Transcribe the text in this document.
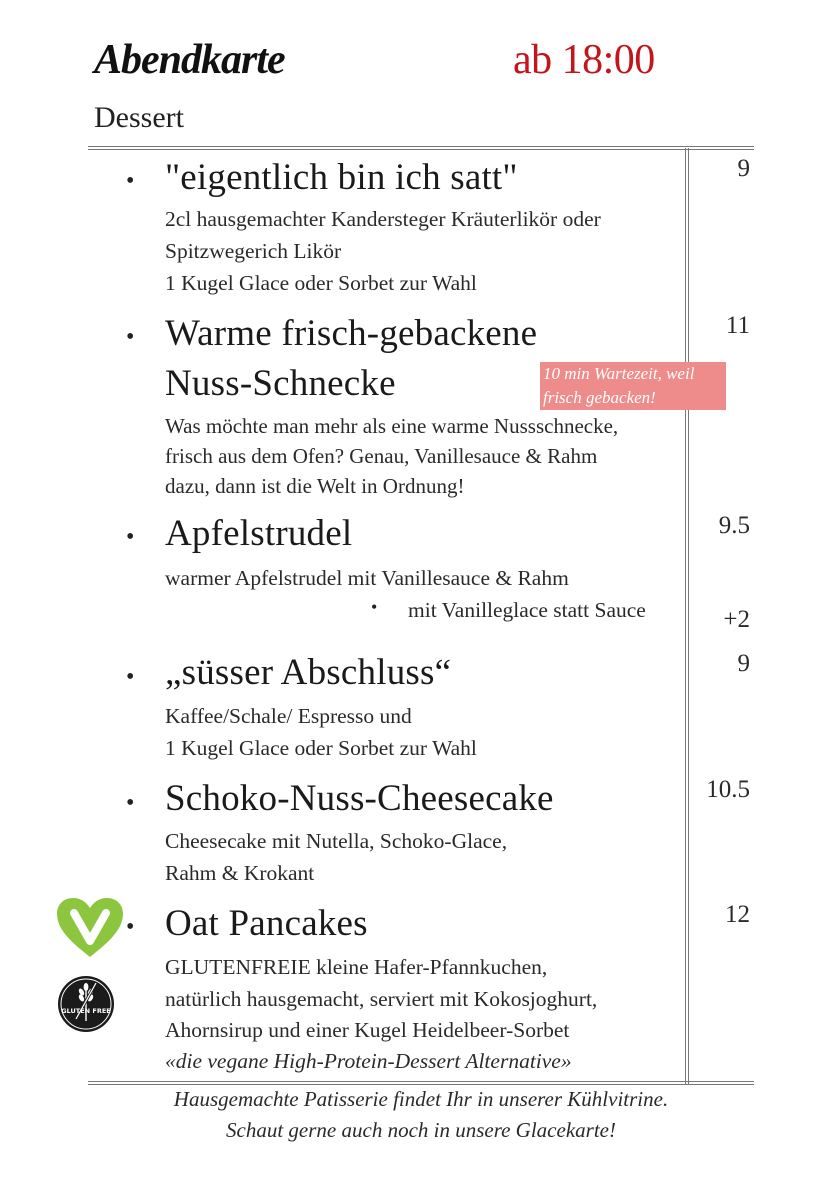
Abendkarte	ab 18:00
Dessert
• "eigentlich bin ich satt"
2cl hausgemachter Kandersteger Kräuterlikör oder
Spitzwegerich Likör
1 Kugel Glace oder Sorbet zur Wahl
9
• Warme frisch-gebackene
Nuss-Schnecke	10 min Wartezeit, weil
frisch gebacken!
Was möchte man mehr als eine warme Nussschnecke,
frisch aus dem Ofen? Genau, Vanillesauce & Rahm
dazu, dann ist die Welt in Ordnung!
11
• Apfelstrudel
warmer Apfelstrudel mit Vanillesauce & Rahm
• mit Vanilleglace statt Sauce
9.5
+2
• „süsser Abschluss“
Kaffee/Schale/ Espresso und
1 Kugel Glace oder Sorbet zur Wahl
9
• Schoko-Nuss-Cheesecake
Cheesecake mit Nutella, Schoko-Glace,
Rahm & Krokant
10.5
GLUTEN FREE
• Oat Pancakes
GLUTENFREIE kleine Hafer-Pfannkuchen,
natürlich hausgemacht, serviert mit Kokosjoghurt,
Ahornsirup und einer Kugel Heidelbeer-Sorbet
«die vegane High-Protein-Dessert Alternative»
12
Hausgemachte Patisserie findet Ihr in unserer Kühlvitrine.
Schaut gerne auch noch in unsere Glacekarte!
